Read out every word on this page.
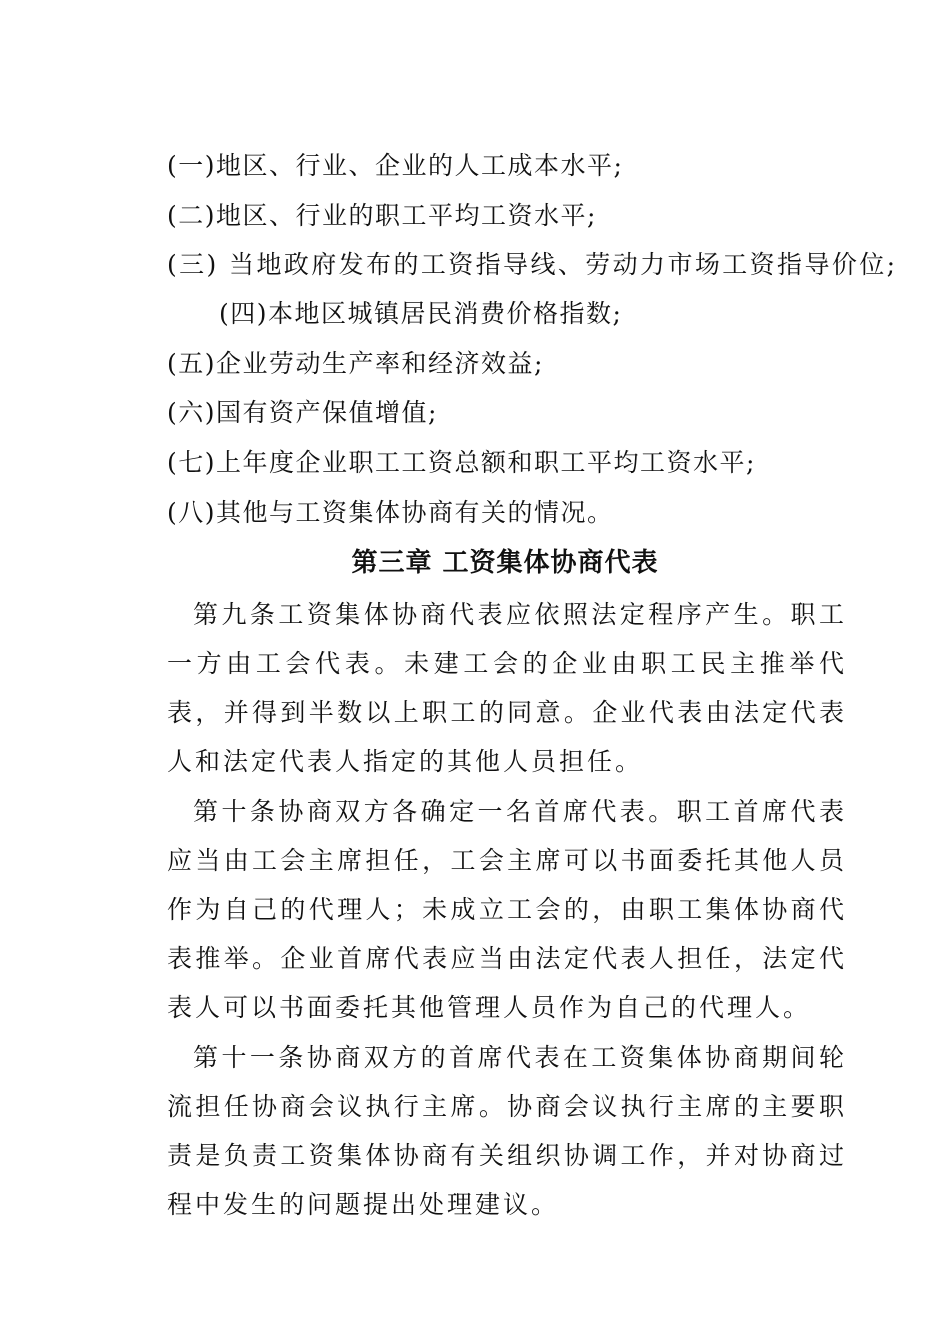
(一)地区、行业、企业的人工成本水平;
(二)地区、行业的职工平均工资水平;
(三) 当地政府发布的工资指导线、劳动力市场工资指导价位;
(四)本地区城镇居民消费价格指数;
(五)企业劳动生产率和经济效益;
(六)国有资产保值增值;
(七)上年度企业职工工资总额和职工平均工资水平;
(八)其他与工资集体协商有关的情况。
第三章 工资集体协商代表
第九条工资集体协商代表应依照法定程序产生。职工一方由工会代表。未建工会的企业由职工民主推举代表，并得到半数以上职工的同意。企业代表由法定代表人和法定代表人指定的其他人员担任。
第十条协商双方各确定一名首席代表。职工首席代表应当由工会主席担任，工会主席可以书面委托其他人员作为自己的代理人；未成立工会的，由职工集体协商代表推举。企业首席代表应当由法定代表人担任，法定代表人可以书面委托其他管理人员作为自己的代理人。
第十一条协商双方的首席代表在工资集体协商期间轮流担任协商会议执行主席。协商会议执行主席的主要职责是负责工资集体协商有关组织协调工作，并对协商过程中发生的问题提出处理建议。
